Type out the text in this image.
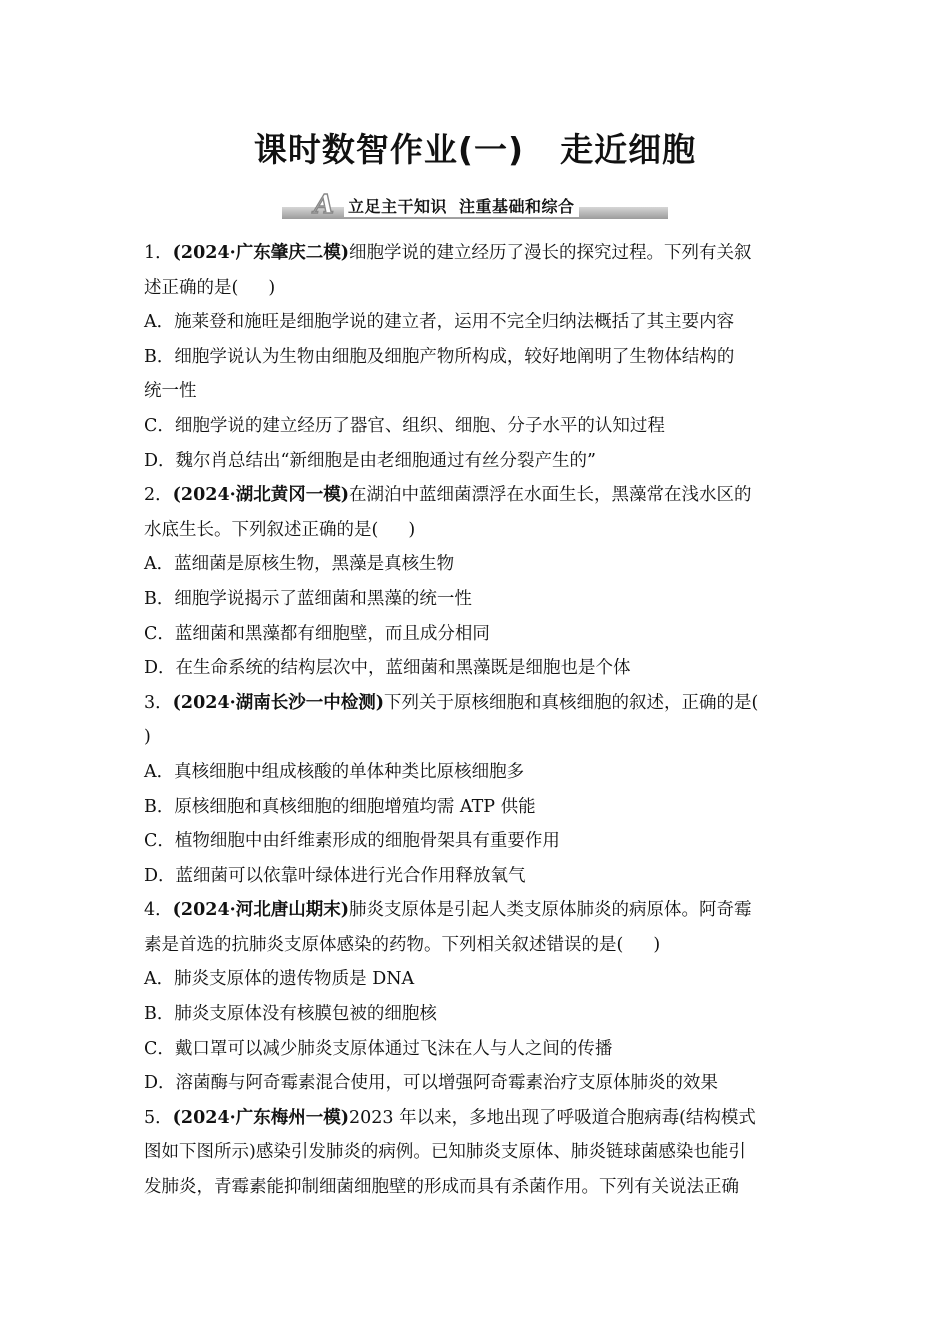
课时数智作业(一) 走近细胞
A 立足主干知识 注重基础和综合
1．(2024·广东肇庆二模)细胞学说的建立经历了漫长的探究过程。下列有关叙
述正确的是( )
A．施莱登和施旺是细胞学说的建立者，运用不完全归纳法概括了其主要内容
B．细胞学说认为生物由细胞及细胞产物所构成，较好地阐明了生物体结构的
统一性
C．细胞学说的建立经历了器官、组织、细胞、分子水平的认知过程
D．魏尔肖总结出“新细胞是由老细胞通过有丝分裂产生的”
2．(2024·湖北黄冈一模)在湖泊中蓝细菌漂浮在水面生长，黑藻常在浅水区的
水底生长。下列叙述正确的是( )
A．蓝细菌是原核生物，黑藻是真核生物
B．细胞学说揭示了蓝细菌和黑藻的统一性
C．蓝细菌和黑藻都有细胞壁，而且成分相同
D．在生命系统的结构层次中，蓝细菌和黑藻既是细胞也是个体
3．(2024·湖南长沙一中检测)下列关于原核细胞和真核细胞的叙述，正确的是(
)
A．真核细胞中组成核酸的单体种类比原核细胞多
B．原核细胞和真核细胞的细胞增殖均需 ATP 供能
C．植物细胞中由纤维素形成的细胞骨架具有重要作用
D．蓝细菌可以依靠叶绿体进行光合作用释放氧气
4．(2024·河北唐山期末)肺炎支原体是引起人类支原体肺炎的病原体。阿奇霉
素是首选的抗肺炎支原体感染的药物。下列相关叙述错误的是( )
A．肺炎支原体的遗传物质是 DNA
B．肺炎支原体没有核膜包被的细胞核
C．戴口罩可以减少肺炎支原体通过飞沫在人与人之间的传播
D．溶菌酶与阿奇霉素混合使用，可以增强阿奇霉素治疗支原体肺炎的效果
5．(2024·广东梅州一模)2023 年以来，多地出现了呼吸道合胞病毒(结构模式
图如下图所示)感染引发肺炎的病例。已知肺炎支原体、肺炎链球菌感染也能引
发肺炎，青霉素能抑制细菌细胞壁的形成而具有杀菌作用。下列有关说法正确
